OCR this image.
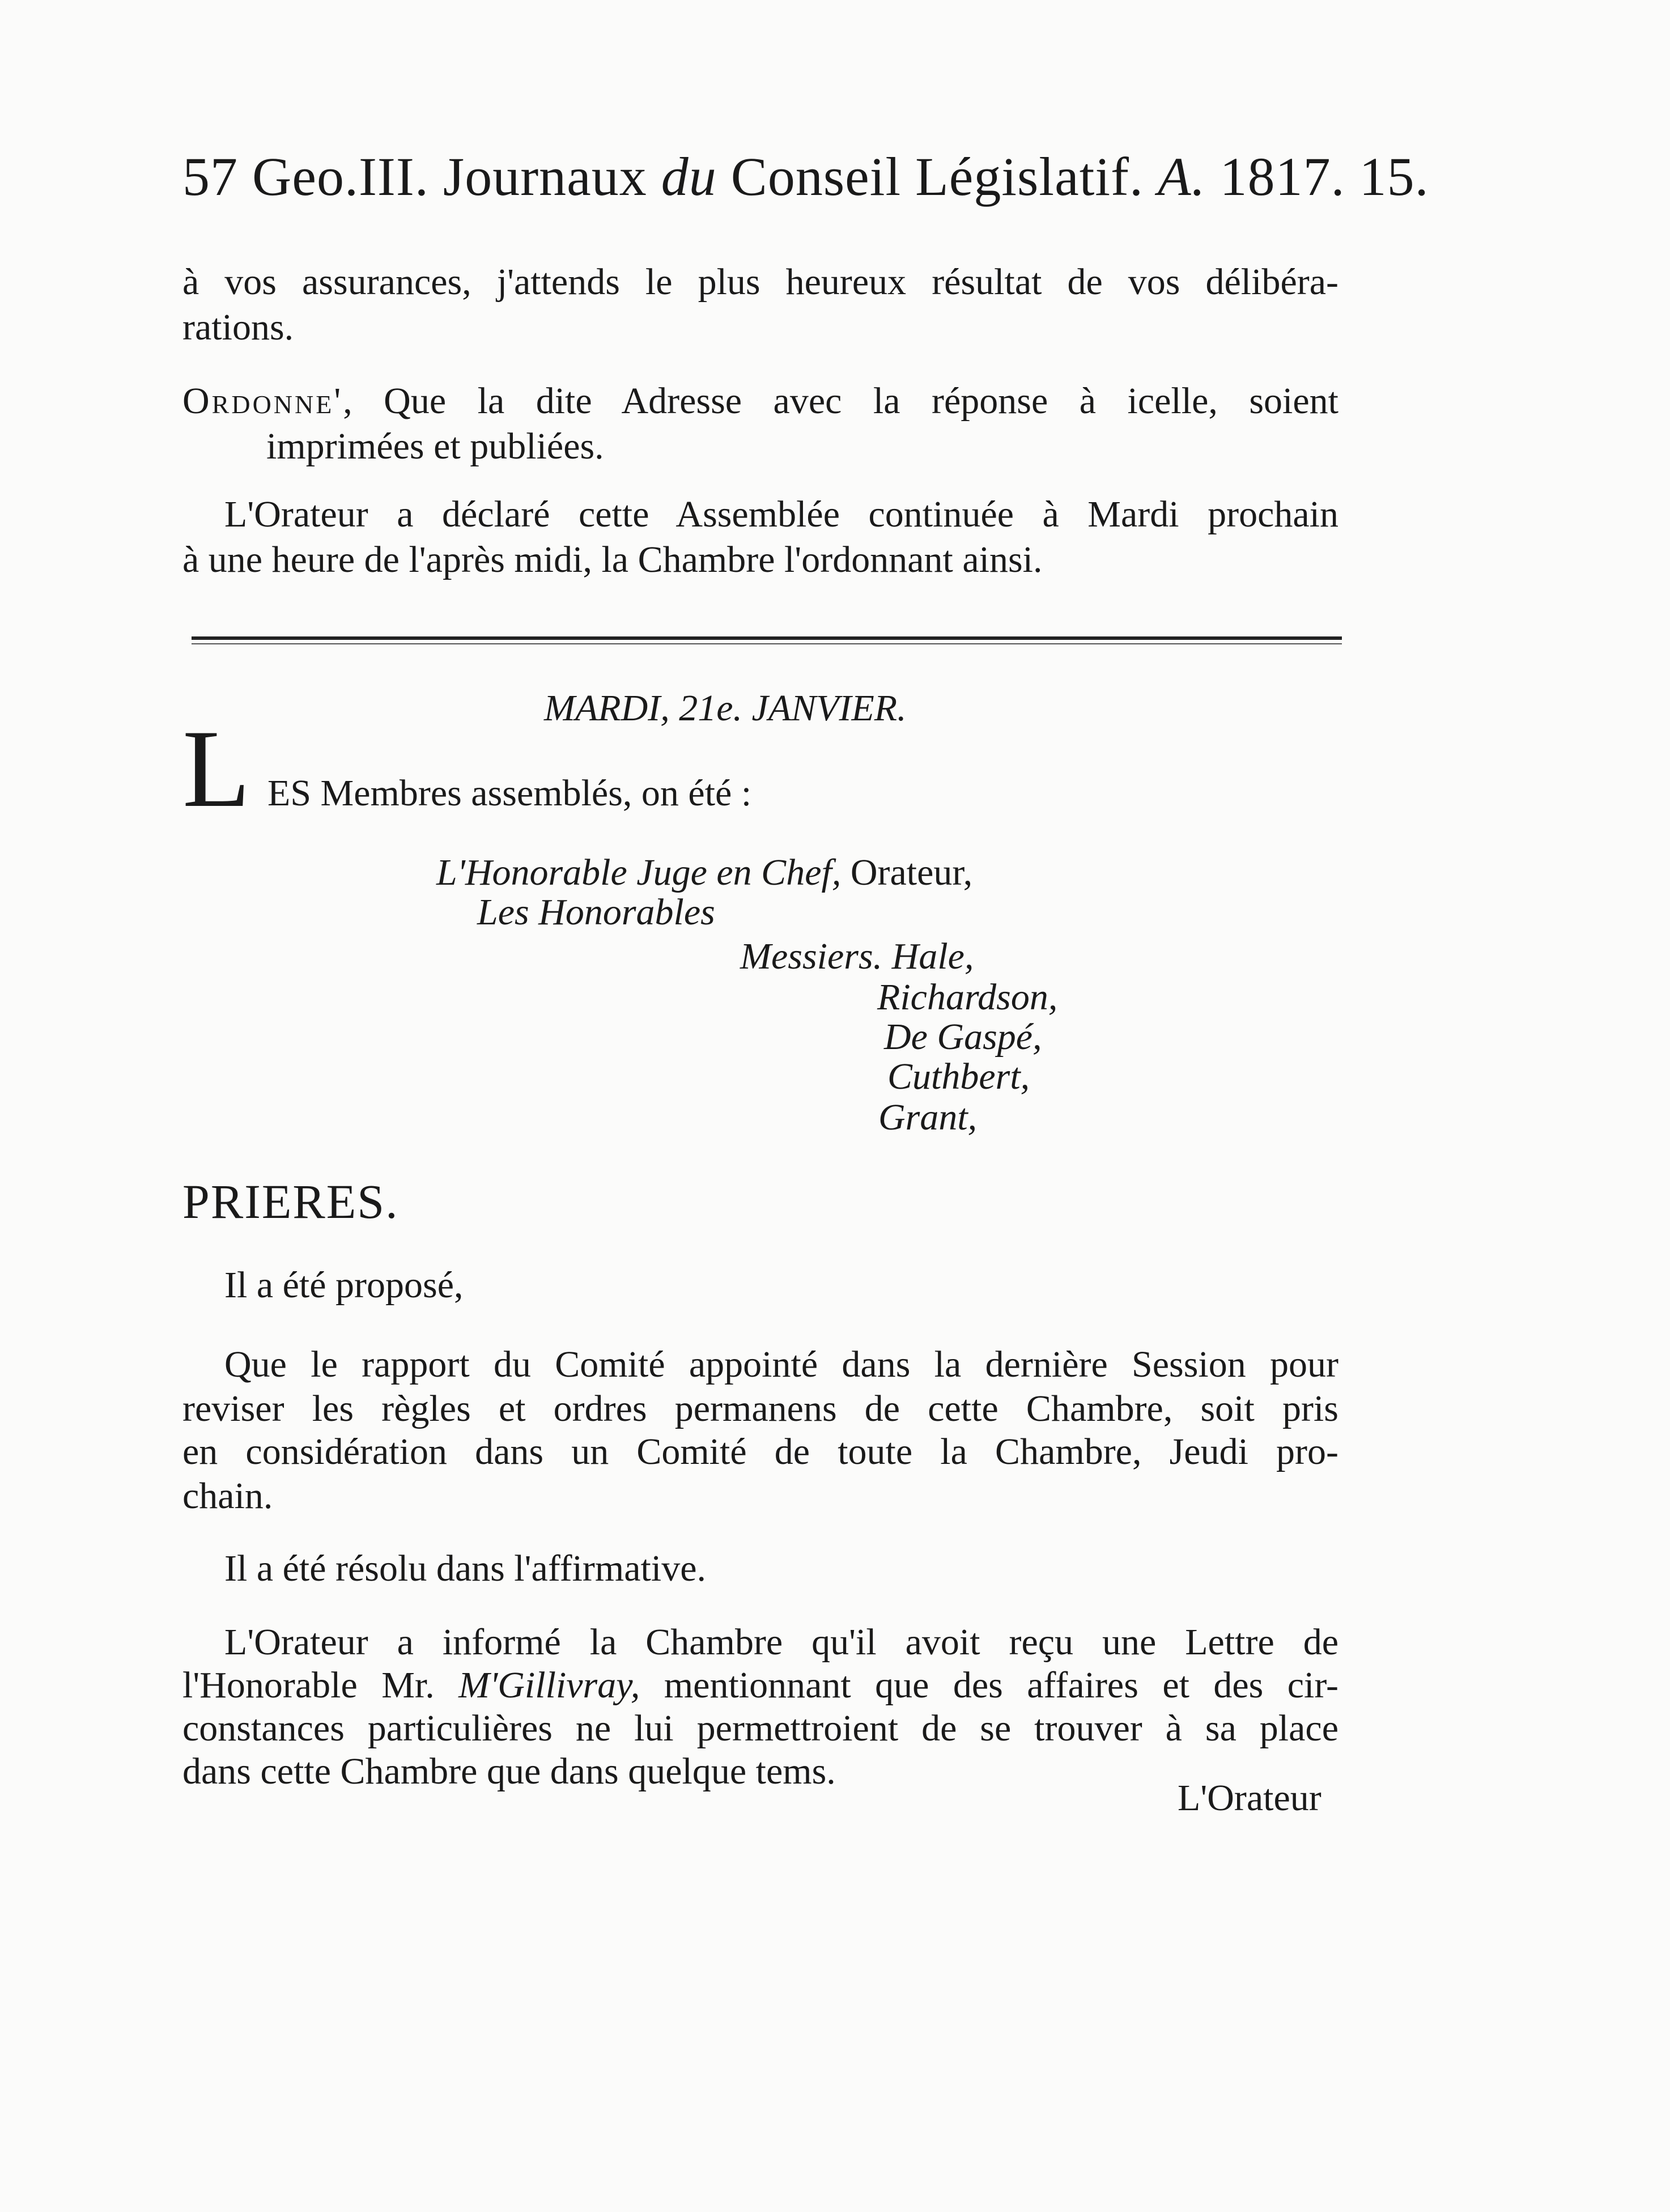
57 Geo.III. Journaux du Conseil Législatif. A. 1817. 15.
à vos assurances, j'attends le plus heureux résultat de vos délibéra-
rations.
Ordonne', Que la dite Adresse avec la réponse à icelle, soient
imprimées et publiées.
L'Orateur a déclaré cette Assemblée continuée à Mardi prochain
à une heure de l'après midi, la Chambre l'ordonnant ainsi.
MARDI, 21e. JANVIER.
L ES Membres assemblés, on été :
L'Honorable Juge en Chef, Orateur,
Les Honorables
Messiers. Hale,
Richardson,
De Gaspé,
Cuthbert,
Grant,
PRIERES.
Il a été proposé,
Que le rapport du Comité appointé dans la dernière Session pour
reviser les règles et ordres permanens de cette Chambre, soit pris
en considération dans un Comité de toute la Chambre, Jeudi pro-
chain.
Il a été résolu dans l'affirmative.
L'Orateur a informé la Chambre qu'il avoit reçu une Lettre de
l'Honorable Mr. M'Gillivray, mentionnant que des affaires et des cir-
constances particulières ne lui permettroient de se trouver à sa place
dans cette Chambre que dans quelque tems.
L'Orateur
